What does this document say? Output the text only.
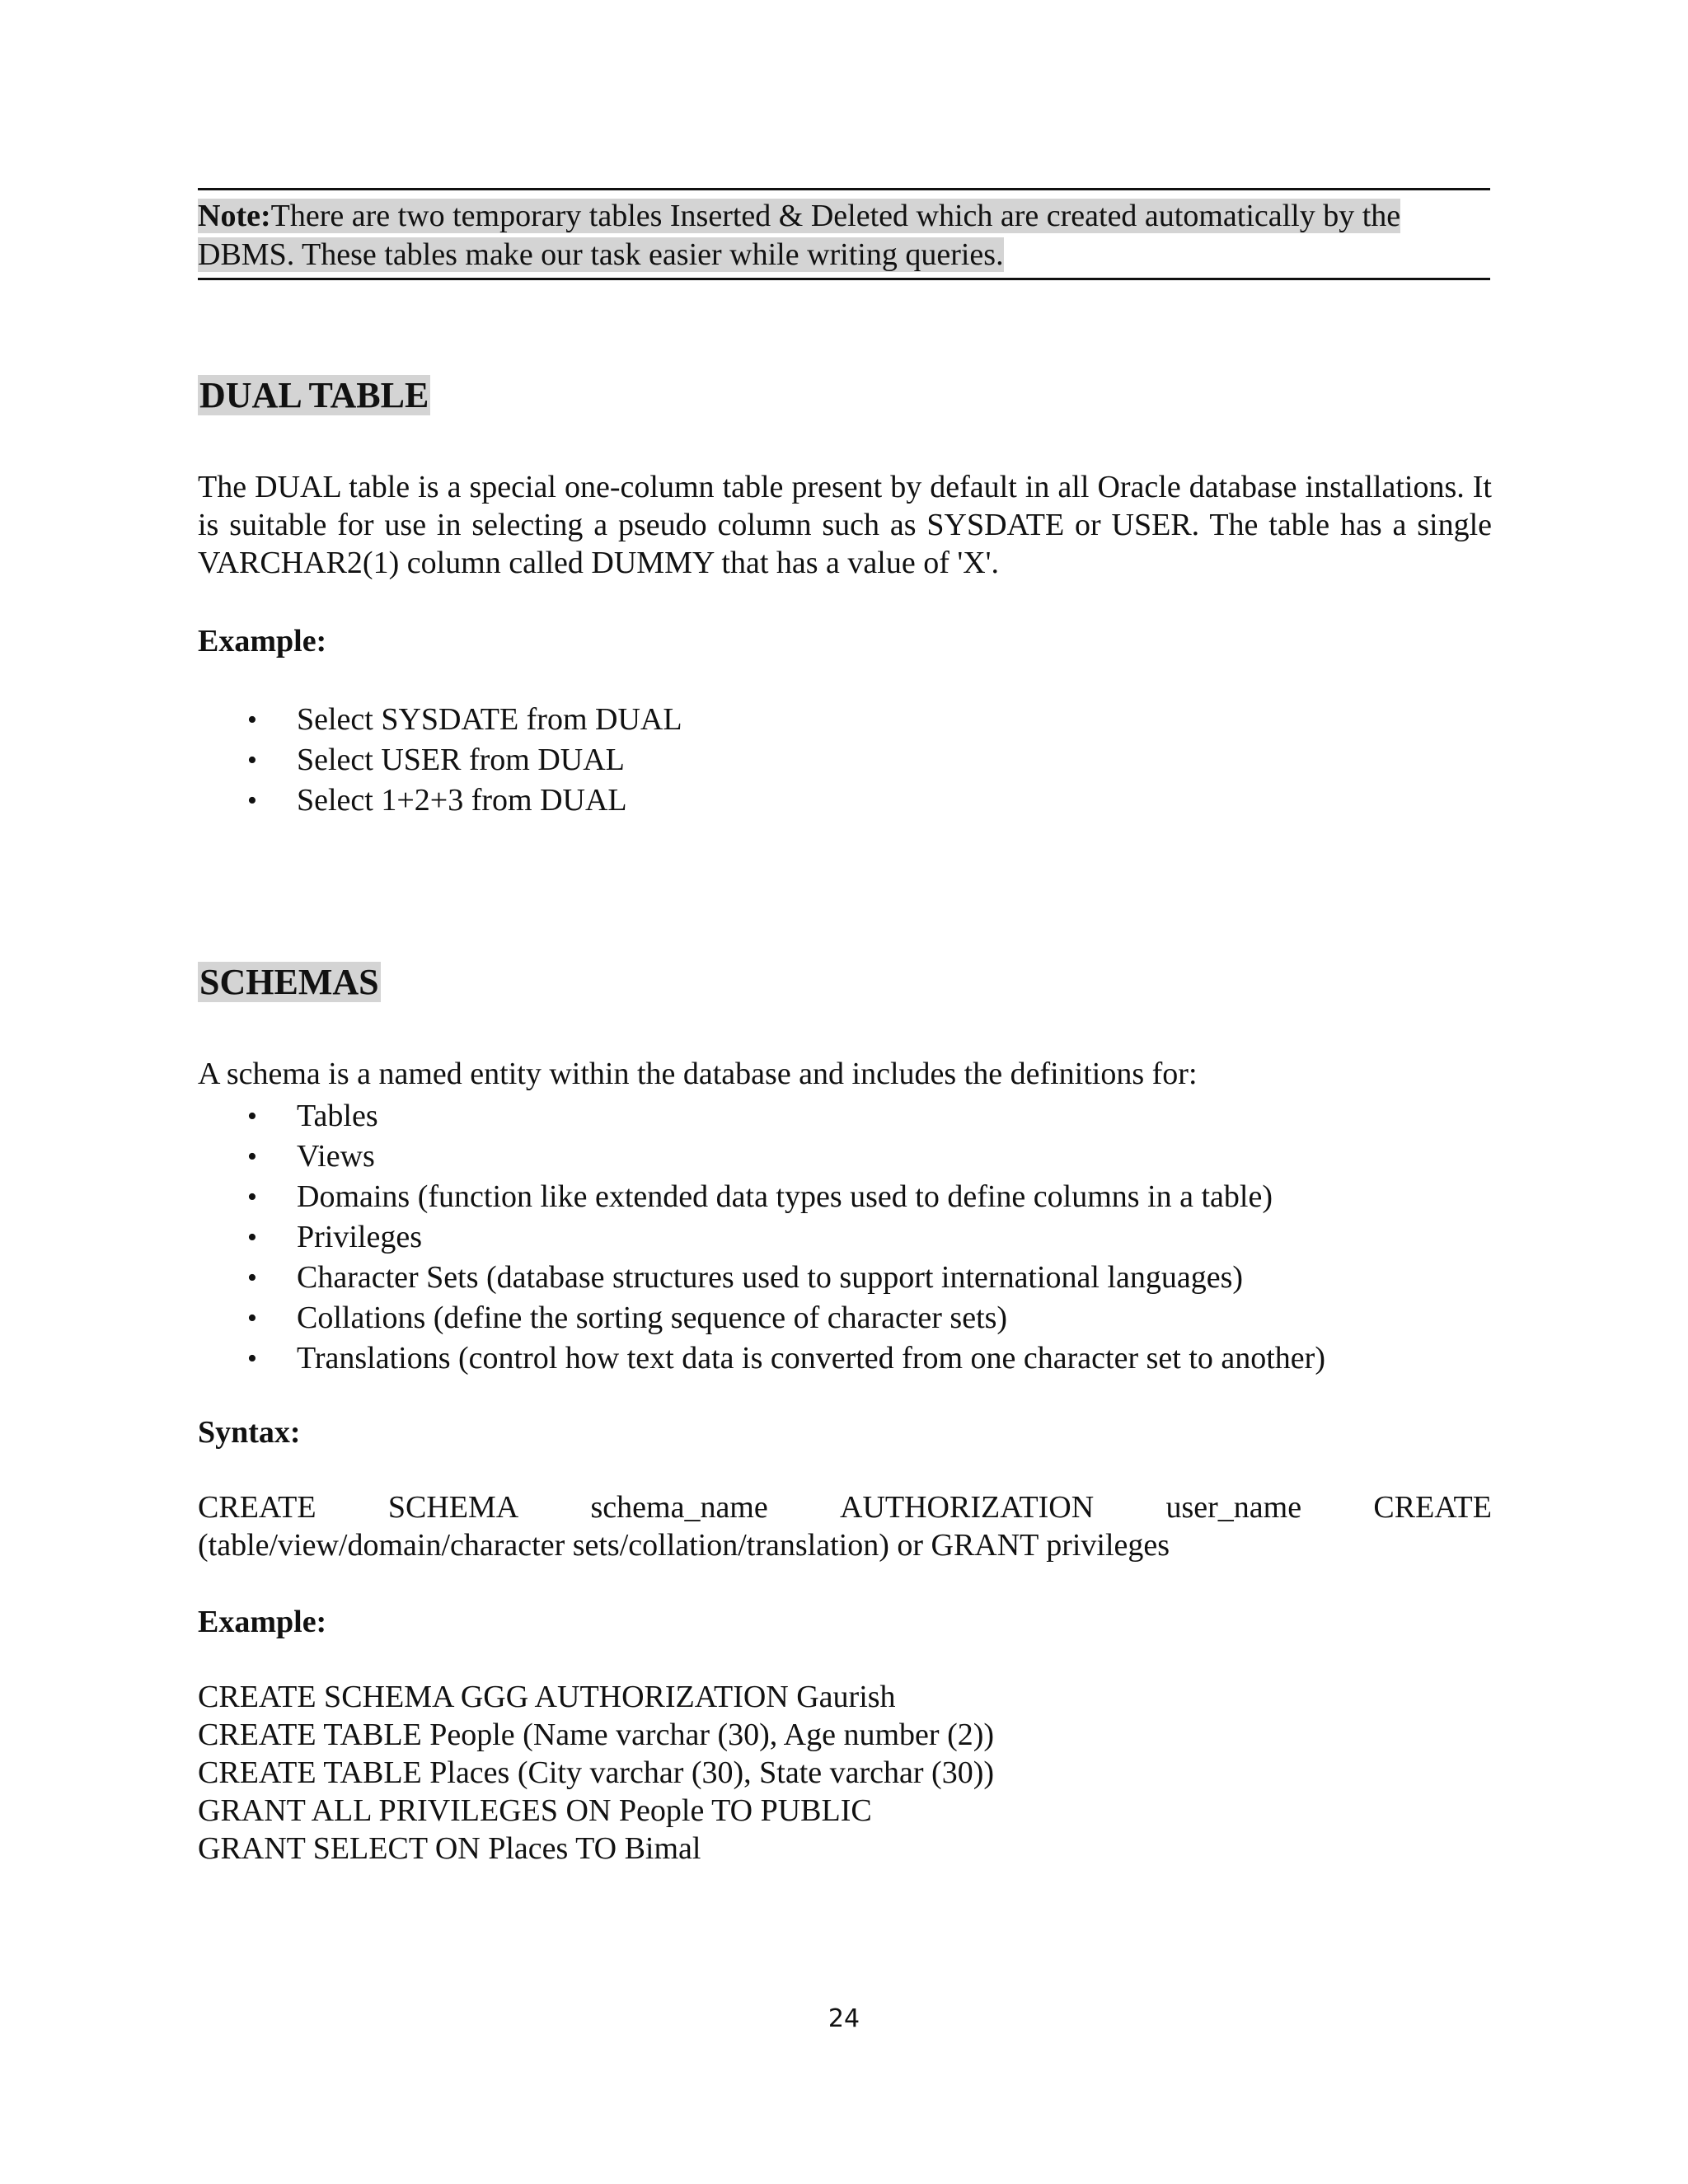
Note:There are two temporary tables Inserted & Deleted which are created automatically by the

DBMS. These tables make our task easier while writing queries.

DUAL TABLE

The DUAL table is a special one-column table present by default in all Oracle database installations. It is suitable for use in selecting a pseudo column such as SYSDATE or USER. The table has a single VARCHAR2(1) column called DUMMY that has a value of 'X'.

Example:
• Select SYSDATE from DUAL
• Select USER from DUAL
• Select 1+2+3 from DUAL
SCHEMAS

A schema is a named entity within the database and includes the definitions for:

• Tables
• Views
• Domains (function like extended data types used to define columns in a table)
• Privileges
• Character Sets (database structures used to support international languages)
• Collations (define the sorting sequence of character sets)
• Translations (control how text data is converted from one character set to another)
Syntax:
CREATE SCHEMA schema_name AUTHORIZATION user_name CREATE
(table/view/domain/character sets/collation/translation) or GRANT privileges
Example:
CREATE SCHEMA GGG AUTHORIZATION Gaurish
CREATE TABLE People (Name varchar (30), Age number (2))
CREATE TABLE Places (City varchar (30), State varchar (30))
GRANT ALL PRIVILEGES ON People TO PUBLIC
GRANT SELECT ON Places TO Bimal
24
